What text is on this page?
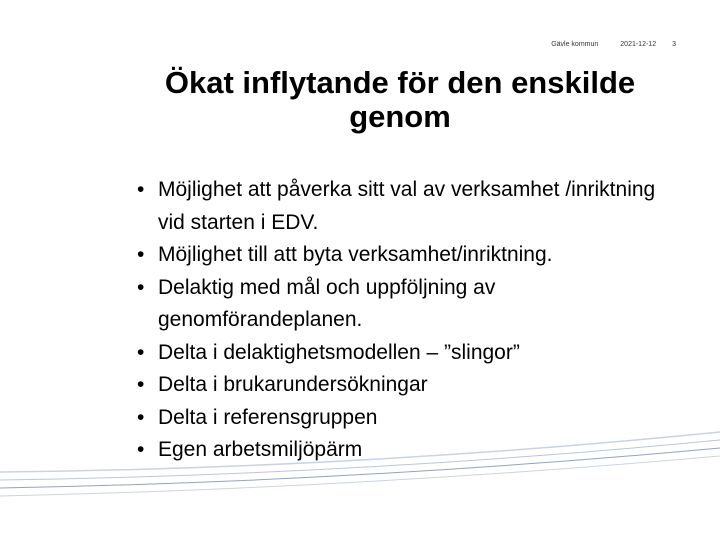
Gävle kommun	2021-12-12 3
Ökat inflytande för den enskilde genom
• Möjlighet att påverka sitt val av verksamhet /inriktning vid starten i EDV.
• Möjlighet till att byta verksamhet/inriktning.
• Delaktig med mål och uppföljning av genomförandeplanen.
• Delta i delaktighetsmodellen – ”slingor”
• Delta i brukarundersökningar
• Delta i referensgruppen
• Egen arbetsmiljöpärm
